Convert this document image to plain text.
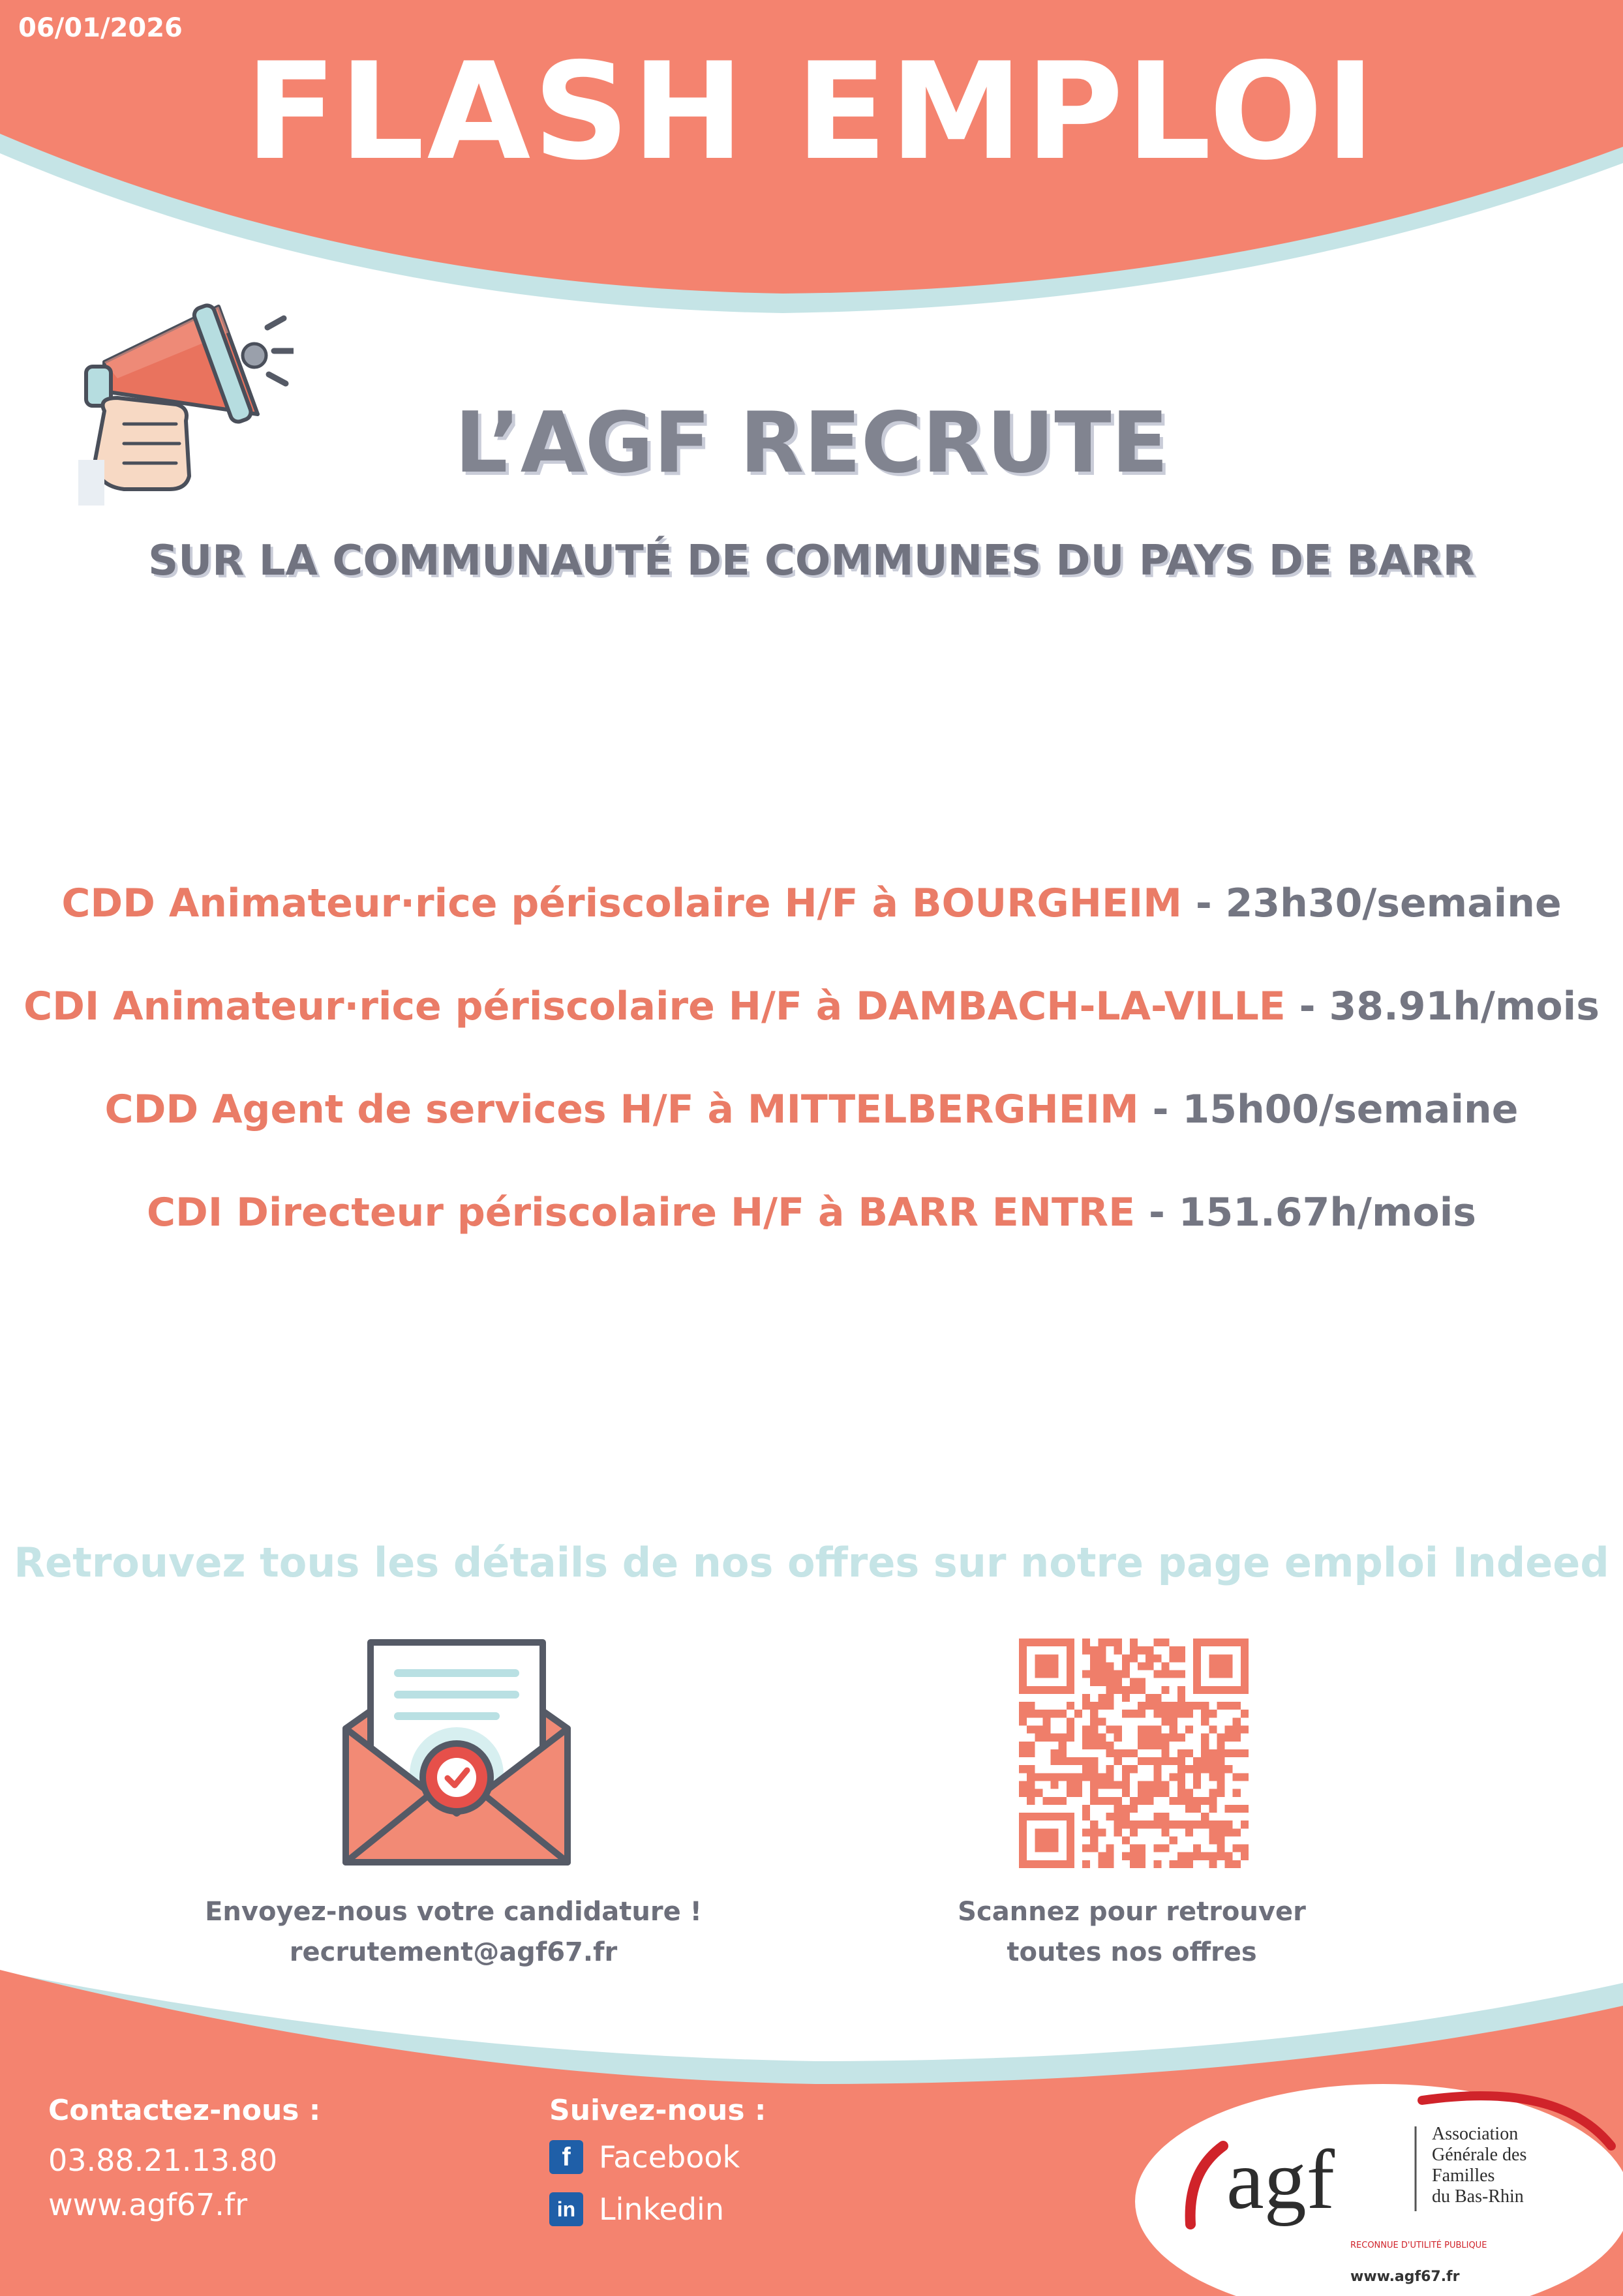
06/01/2026
FLASH EMPLOI
L’AGF RECRUTE
SUR LA COMMUNAUTÉ DE COMMUNES DU PAYS DE BARR
CDD Animateur·rice périscolaire H/F à BOURGHEIM - 23h30/semaine
CDI Animateur·rice périscolaire H/F à DAMBACH-LA-VILLE - 38.91h/mois
CDD Agent de services H/F à MITTELBERGHEIM - 15h00/semaine
CDI Directeur périscolaire H/F à BARR ENTRE - 151.67h/mois
Retrouvez tous les détails de nos offres sur notre page emploi Indeed
Envoyez-nous votre candidature !
recrutement@agf67.fr
Scannez pour retrouver
toutes nos offres
Contactez-nous :
03.88.21.13.80
www.agf67.fr
Suivez-nous :
f Facebook
in Linkedin	agf	Association
Générale des
Familles
du Bas-Rhin
RECONNUE D'UTILITÉ PUBLIQUE
www.agf67.fr
